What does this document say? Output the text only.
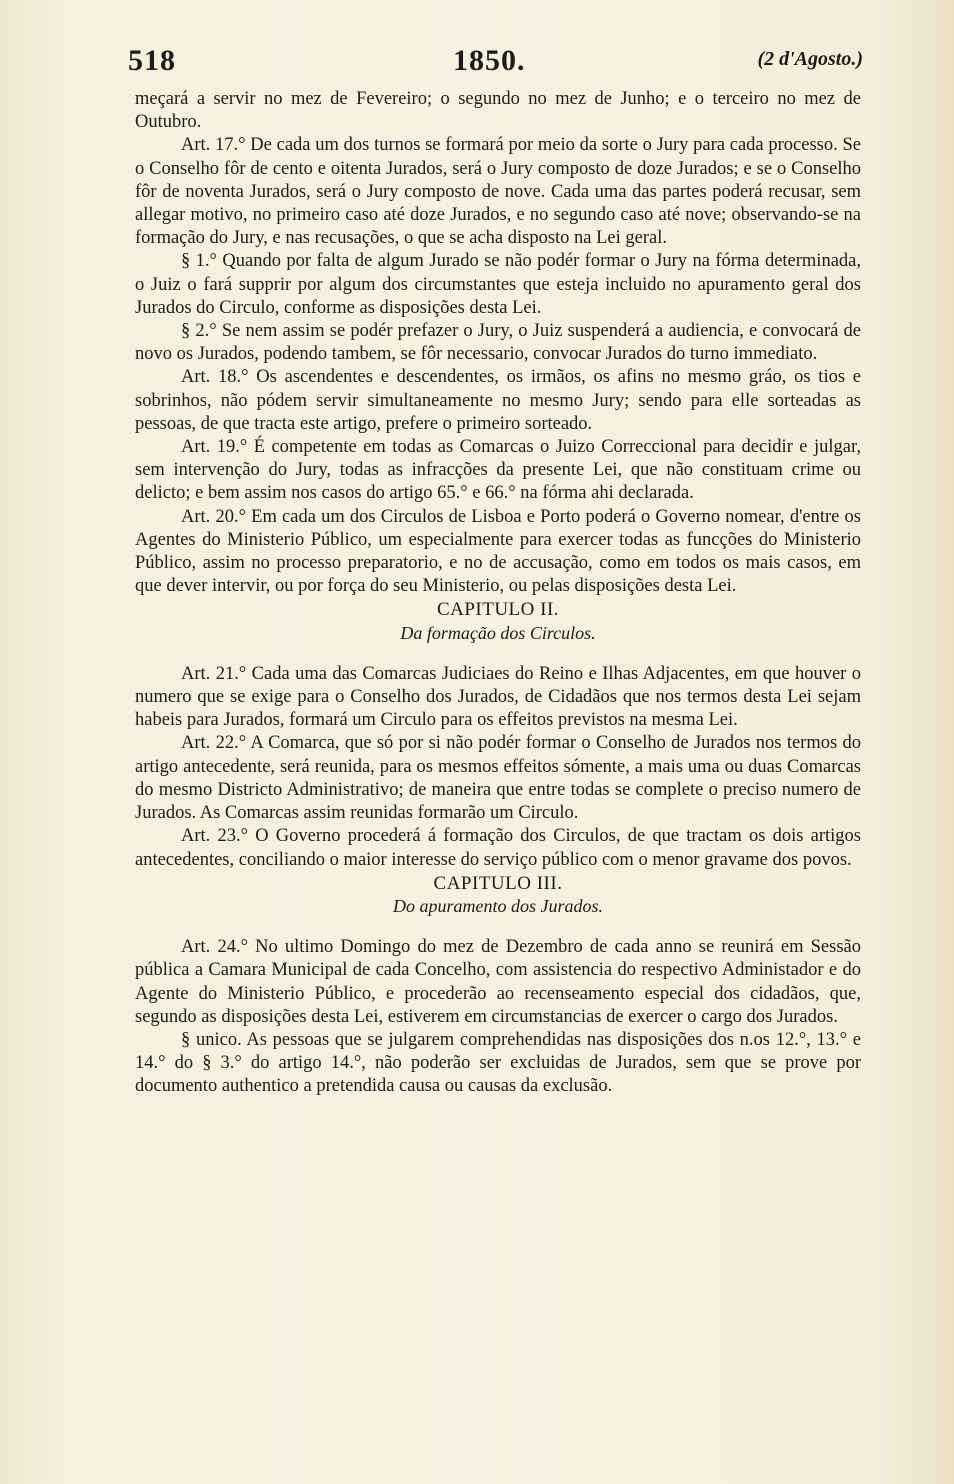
518	1850.	(2 d'Agosto.)

meçará a servir no mez de Fevereiro; o segundo no mez de Junho; e o terceiro no mez de Outubro.

Art. 17.° De cada um dos turnos se formará por meio da sorte o Jury para cada processo. Se o Conselho fôr de cento e oitenta Jurados, será o Jury composto de doze Jurados; e se o Conselho fôr de noventa Jurados, será o Jury composto de nove. Cada uma das partes poderá recusar, sem allegar motivo, no primeiro caso até doze Jurados, e no segundo caso até nove; observando-se na formação do Jury, e nas recusações, o que se acha disposto na Lei geral.

§ 1.° Quando por falta de algum Jurado se não podér formar o Jury na fórma determinada, o Juiz o fará supprir por algum dos circumstantes que esteja incluido no apuramento geral dos Jurados do Circulo, conforme as disposições desta Lei.

§ 2.° Se nem assim se podér prefazer o Jury, o Juiz suspenderá a audiencia, e convocará de novo os Jurados, podendo tambem, se fôr necessario, convocar Jurados do turno immediato.

Art. 18.° Os ascendentes e descendentes, os irmãos, os afins no mesmo gráo, os tios e sobrinhos, não pódem servir simultaneamente no mesmo Jury; sendo para elle sorteadas as pessoas, de que tracta este artigo, prefere o primeiro sorteado.

Art. 19.° É competente em todas as Comarcas o Juizo Correccional para decidir e julgar, sem intervenção do Jury, todas as infracções da presente Lei, que não constituam crime ou delicto; e bem assim nos casos do artigo 65.° e 66.° na fórma ahi declarada.

Art. 20.° Em cada um dos Circulos de Lisboa e Porto poderá o Governo nomear, d'entre os Agentes do Ministerio Público, um especialmente para exercer todas as funcções do Ministerio Público, assim no processo preparatorio, e no de accusação, como em todos os mais casos, em que dever intervir, ou por força do seu Ministerio, ou pelas disposições desta Lei.

CAPITULO II.

Da formação dos Circulos.

Art. 21.° Cada uma das Comarcas Judiciaes do Reino e Ilhas Adjacentes, em que houver o numero que se exige para o Conselho dos Jurados, de Cidadãos que nos termos desta Lei sejam habeis para Jurados, formará um Circulo para os effeitos previstos na mesma Lei.

Art. 22.° A Comarca, que só por si não podér formar o Conselho de Jurados nos termos do artigo antecedente, será reunida, para os mesmos effeitos sómente, a mais uma ou duas Comarcas do mesmo Districto Administrativo; de maneira que entre todas se complete o preciso numero de Jurados. As Comarcas assim reunidas formarão um Circulo.

Art. 23.° O Governo procederá á formação dos Circulos, de que tractam os dois artigos antecedentes, conciliando o maior interesse do serviço público com o menor gravame dos povos.

CAPITULO III.

Do apuramento dos Jurados.

Art. 24.° No ultimo Domingo do mez de Dezembro de cada anno se reunirá em Sessão pública a Camara Municipal de cada Concelho, com assistencia do respectivo Administador e do Agente do Ministerio Público, e procederão ao recenseamento especial dos cidadãos, que, segundo as disposições desta Lei, estiverem em circumstancias de exercer o cargo dos Jurados.

§ unico. As pessoas que se julgarem comprehendidas nas disposições dos n.os 12.°, 13.° e 14.° do § 3.° do artigo 14.°, não poderão ser excluidas de Jurados, sem que se prove por documento authentico a pretendida causa ou causas da exclusão.
